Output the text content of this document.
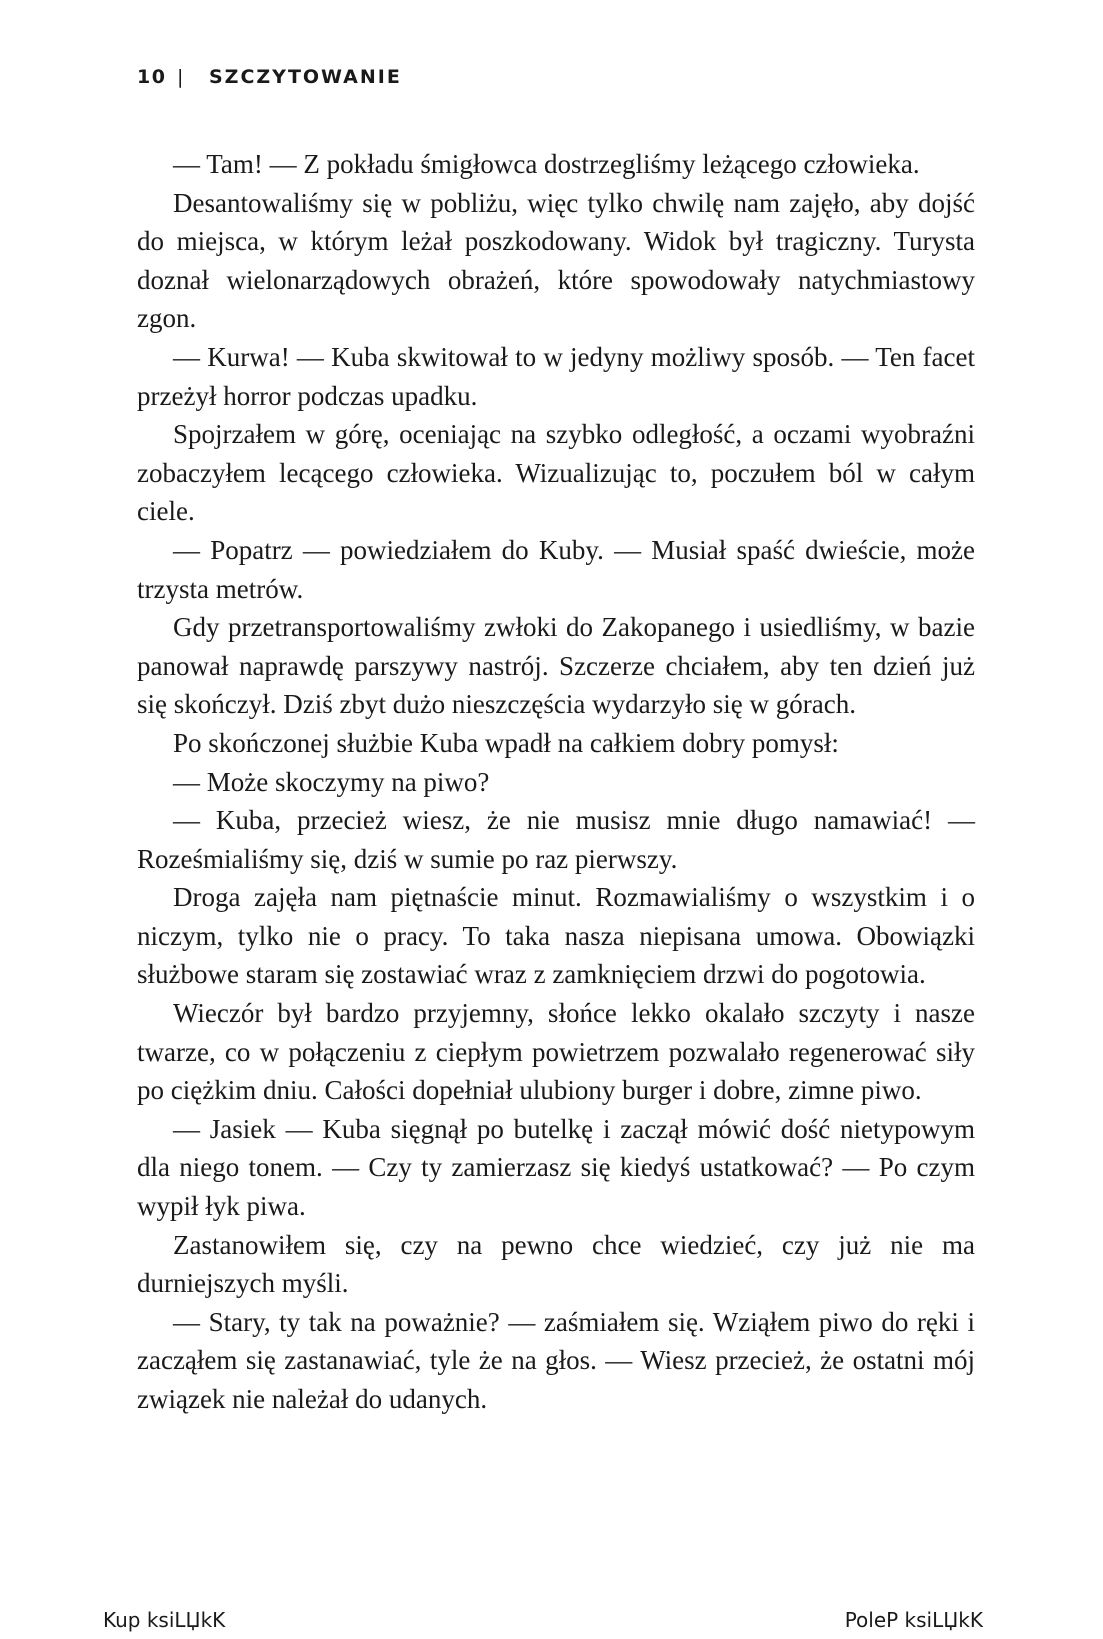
10 |	SZCZYTOWANIE

— Tam! — Z pokładu śmigłowca dostrzegliśmy leżącego człowieka.

Desantowaliśmy się w pobliżu, więc tylko chwilę nam zajęło, aby dojść do miejsca, w którym leżał poszkodowany. Widok był tragiczny. Turysta doznał wielonarządowych obrażeń, które spowodowały natychmiastowy zgon.

— Kurwa! — Kuba skwitował to w jedyny możliwy sposób. — Ten facet przeżył horror podczas upadku.

Spojrzałem w górę, oceniając na szybko odległość, a oczami wyobraźni zobaczyłem lecącego człowieka. Wizualizując to, poczułem ból w całym ciele.

— Popatrz — powiedziałem do Kuby. — Musiał spaść dwieście, może trzysta metrów.

Gdy przetransportowaliśmy zwłoki do Zakopanego i usiedliśmy, w bazie panował naprawdę parszywy nastrój. Szczerze chciałem, aby ten dzień już się skończył. Dziś zbyt dużo nieszczęścia wydarzyło się w górach.

Po skończonej służbie Kuba wpadł na całkiem dobry pomysł:

— Może skoczymy na piwo?

— Kuba, przecież wiesz, że nie musisz mnie długo namawiać! — Roześmialiśmy się, dziś w sumie po raz pierwszy.

Droga zajęła nam piętnaście minut. Rozmawialiśmy o wszystkim i o niczym, tylko nie o pracy. To taka nasza niepisana umowa. Obowiązki służbowe staram się zostawiać wraz z zamknięciem drzwi do pogotowia.

Wieczór był bardzo przyjemny, słońce lekko okalało szczyty i nasze twarze, co w połączeniu z ciepłym powietrzem pozwalało regenerować siły po ciężkim dniu. Całości dopełniał ulubiony burger i dobre, zimne piwo.

— Jasiek — Kuba sięgnął po butelkę i zaczął mówić dość nietypowym dla niego tonem. — Czy ty zamierzasz się kiedyś ustatkować? — Po czym wypił łyk piwa.

Zastanowiłem się, czy na pewno chce wiedzieć, czy już nie ma durniejszych myśli.

— Stary, ty tak na poważnie? — zaśmiałem się. Wziąłem piwo do ręki i zacząłem się zastanawiać, tyle że na głos. — Wiesz przecież, że ostatni mój związek nie należał do udanych.

Kup ksiLЏkK	PoleP ksiLЏkK
